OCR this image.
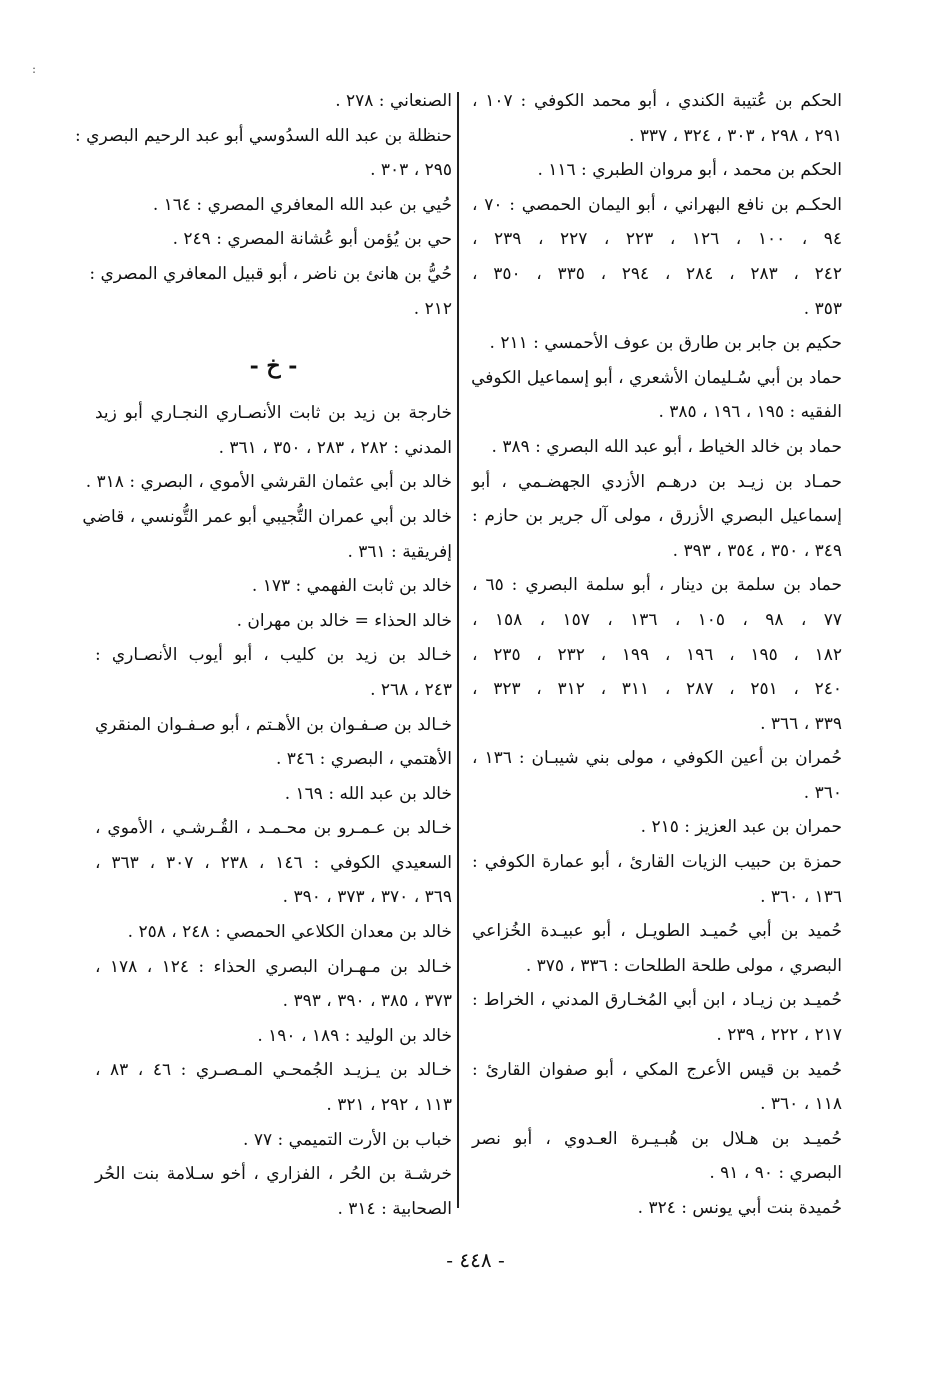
:
الحكم بن عُتيبة الكندي ، أبو محمد الكوفي : ١٠٧ ،
٢٩١ ، ٢٩٨ ، ٣٠٣ ، ٣٢٤ ، ٣٣٧ .
الحكم بن محمد ، أبو مروان الطبري : ١١٦ .
الحكـم بن نافع البهراني ، أبو اليمان الحمصي : ٧٠ ،
٩٤ ، ١٠٠ ، ١٢٦ ، ٢٢٣ ، ٢٢٧ ، ٢٣٩ ،
٢٤٢ ، ٢٨٣ ، ٢٨٤ ، ٢٩٤ ، ٣٣٥ ، ٣٥٠ ،
٣٥٣ .
حكيم بن جابر بن طارق بن عوف الأحمسي : ٢١١ .
حماد بن أبي سُـليمان الأشعري ، أبو إسماعيل الكوفي
الفقيه : ١٩٥ ، ١٩٦ ، ٣٨٥ .
حماد بن خالد الخياط ، أبو عبد الله البصري : ٣٨٩ .
حمـاد بن زيـد بن درهـم الأزدي الجهضـمي ، أبو
إسماعيل البصري الأزرق ، مولى آل جرير بن حازم :
٣٤٩ ، ٣٥٠ ، ٣٥٤ ، ٣٩٣ .
حماد بن سلمة بن دينار ، أبو سلمة البصري : ٦٥ ،
٧٧ ، ٩٨ ، ١٠٥ ، ١٣٦ ، ١٥٧ ، ١٥٨ ،
١٨٢ ، ١٩٥ ، ١٩٦ ، ١٩٩ ، ٢٣٢ ، ٢٣٥ ،
٢٤٠ ، ٢٥١ ، ٢٨٧ ، ٣١١ ، ٣١٢ ، ٣٢٣ ،
٣٣٩ ، ٣٦٦ .
حُمران بن أعين الكوفي ، مولى بني شيبـان : ١٣٦ ،
٣٦٠ .
حمران بن عبد العزيز : ٢١٥ .
حمزة بن حبيب الزيات القارئ ، أبو عمارة الكوفي :
١٣٦ ، ٣٦٠ .
حُميد بن أبي حُميـد الطويـل ، أبو عبيـدة الخُزاعي
البصري ، مولى طلحة الطلحات : ٣٣٦ ، ٣٧٥ .
حُميـد بن زيـاد ، ابن أبي المُخـارق المدني ، الخراط :
٢١٧ ، ٢٢٢ ، ٢٣٩ .
حُميد بن قيس الأعرج المكي ، أبو صفوان القارئ :
١١٨ ، ٣٦٠ .
حُميـد بن هـلال بن هُبـيـرة العـدوي ، أبو نصر
البصري : ٩٠ ، ٩١ .
حُميدة بنت أبي يونس : ٣٢٤ .
الصنعاني : ٢٧٨ .
حنظلة بن عبد الله السدُوسي أبو عبد الرحيم البصري :
٢٩٥ ، ٣٠٣ .
حُيي بن عبد الله المعافري المصري : ١٦٤ .
حي بن يُؤمن أبو عُشانة المصري : ٢٤٩ .
حُيُّ بن هانئ بن ناضر ، أبو قبيل المعافري المصري :
٢١٢ .
- خ -
خارجة بن زيد بن ثابت الأنصـاري النجـاري أبو زيد
المدني : ٢٨٢ ، ٢٨٣ ، ٣٥٠ ، ٣٦١ .
خالد بن أبي عثمان القرشي الأموي ، البصري : ٣١٨ .
خالد بن أبي عمران التُّجيبي أبو عمر التُّونسي ، قاضي
إفريقية : ٣٦١ .
خالد بن ثابت الفهمي : ١٧٣ .
خالد الحذاء = خالد بن مهران .
خـالد بن زيد بن كليب ، أبو أيوب الأنصـاري :
٢٤٣ ، ٢٦٨ .
خـالد بن صـفـوان بن الأهـتم ، أبو صـفـوان المنقري
الأهتمي ، البصري : ٣٤٦ .
خالد بن عبد الله : ١٦٩ .
خـالد بن عـمـرو بن محـمـد ، القُـرشـي ، الأموي ،
السعيدي الكوفي : ١٤٦ ، ٢٣٨ ، ٣٠٧ ، ٣٦٣ ،
٣٦٩ ، ٣٧٠ ، ٣٧٣ ، ٣٩٠ .
خالد بن معدان الكلاعي الحمصي : ٢٤٨ ، ٢٥٨ .
خـالد بن مـهـران البصري الحذاء : ١٢٤ ، ١٧٨ ،
٣٧٣ ، ٣٨٥ ، ٣٩٠ ، ٣٩٣ .
خالد بن الوليد : ١٨٩ ، ١٩٠ .
خـالد بن يـزيـد الجُمحـي المـصـري : ٤٦ ، ٨٣ ،
١١٣ ، ٢٩٢ ، ٣٢١ .
خباب بن الأرت التميمي : ٧٧ .
خرشـة بن الحُر ، الفزاري ، أخو سـلامة بنت الحُر
الصحابية : ٣١٤ .
- ٤٤٨ -
